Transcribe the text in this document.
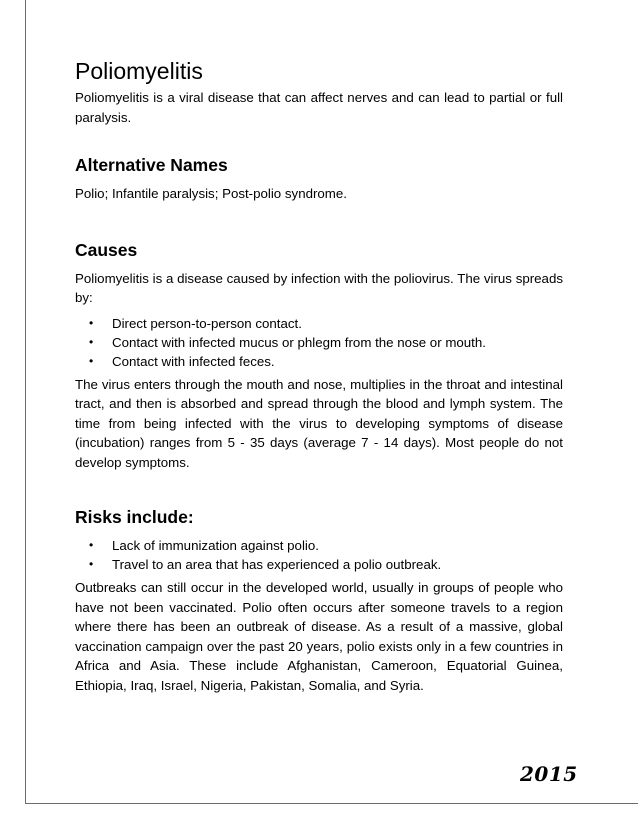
Poliomyelitis

Poliomyelitis is a viral disease that can affect nerves and can lead to partial or full paralysis.

Alternative Names

Polio; Infantile paralysis; Post-polio syndrome.

Causes

Poliomyelitis is a disease caused by infection with the poliovirus. The virus spreads by:

• Direct person-to-person contact.
• Contact with infected mucus or phlegm from the nose or mouth.
• Contact with infected feces.

The virus enters through the mouth and nose, multiplies in the throat and intestinal tract, and then is absorbed and spread through the blood and lymph system. The time from being infected with the virus to developing symptoms of disease (incubation) ranges from 5 - 35 days (average 7 - 14 days). Most people do not develop symptoms.

Risks include:
• Lack of immunization against polio.
• Travel to an area that has experienced a polio outbreak.

Outbreaks can still occur in the developed world, usually in groups of people who have not been vaccinated. Polio often occurs after someone travels to a region where there has been an outbreak of disease. As a result of a massive, global vaccination campaign over the past 20 years, polio exists only in a few countries in Africa and Asia. These include Afghanistan, Cameroon, Equatorial Guinea, Ethiopia, Iraq, Israel, Nigeria, Pakistan, Somalia, and Syria.

2015
